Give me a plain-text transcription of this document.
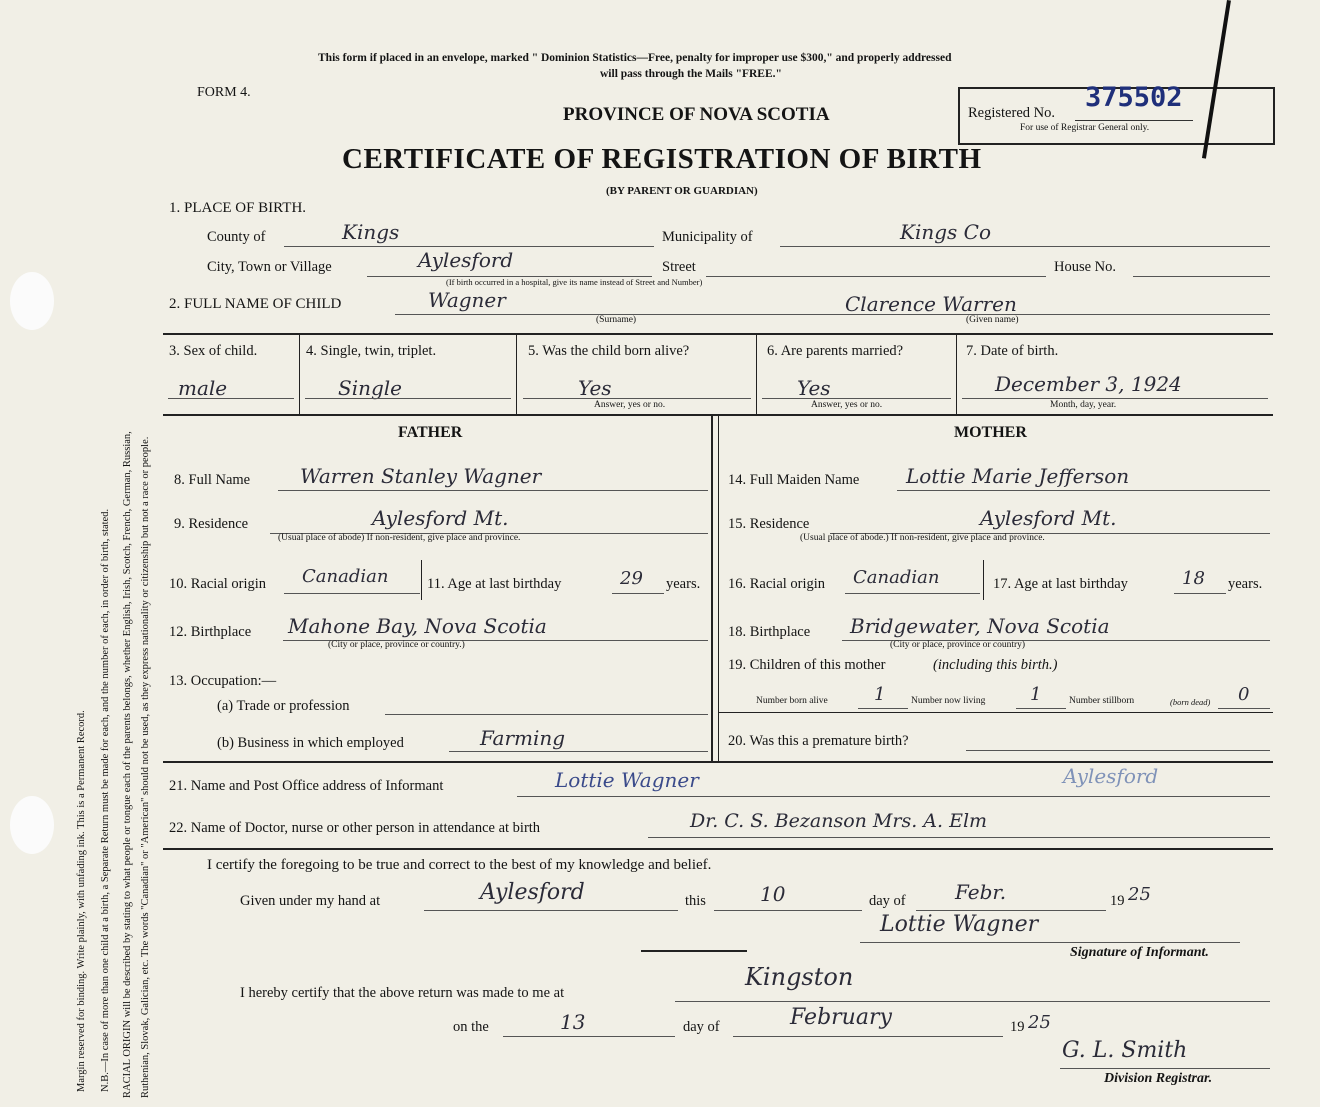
Margin reserved for binding. Write plainly, with unfading ink. This is a Permanent Record. N.B.—In case of more than one child at a birth, a Separate Return must be made for each, and the number of each, in order of birth, stated. RACIAL ORIGIN will be described by stating to what people or tongue each of the parents belongs, whether English, Irish, Scotch, French, German, Russian, Ruthenian, Slovak, Galician, etc. The words "Canadian" or "American" should not be used, as they express nationality or citizenship but not a race or people.
This form if placed in an envelope, marked " Dominion Statistics—Free, penalty for improper use $300," and properly addressed
will pass through the Mails "FREE."
FORM 4.
PROVINCE OF NOVA SCOTIA
CERTIFICATE OF REGISTRATION OF BIRTH
(BY PARENT OR GUARDIAN)
Registered No. 375502
For use of Registrar General only.
1. PLACE OF BIRTH.
County of	Kings	Municipality of	Kings Co
City, Town or Village	Aylesford	Street	House No.
(If birth occurred in a hospital, give its name instead of Street and Number)
2. FULL NAME OF CHILD	Wagner
(Surname)
Clarence Warren
(Given name)
3. Sex of child.
male
4. Single, twin, triplet.
Single
5. Was the child born alive?
Yes
Answer, yes or no.
6. Are parents married?
Yes
Answer, yes or no.
7. Date of birth.
December 3, 1924
Month, day, year.
FATHER	MOTHER
8. Full Name Warren Stanley Wagner
9. Residence	Aylesford Mt.
(Usual place of abode) If non-resident, give place and province.
10. Racial origin Canadian	11. Age at last birthday	29 years.
12. Birthplace Mahone Bay, Nova Scotia
(City or place, province or country.)
13. Occupation:—
(a) Trade or profession
(b) Business in which employed	Farming
14. Full Maiden Name Lottie Marie Jefferson
15. Residence	Aylesford Mt.
(Usual place of abode.) If non-resident, give place and province.
16. Racial origin Canadian	17. Age at last birthday	18 years.
18. Birthplace Bridgewater, Nova Scotia
(City or place, province or country)
19. Children of this mother	(including this birth.)
Number born alive	1	Number now living 1	Number stillborn	(born dead) 0
20. Was this a premature birth?
21. Name and Post Office address of Informant	Lottie Wagner	Aylesford
22. Name of Doctor, nurse or other person in attendance at birth	Dr. C. S. Bezanson Mrs. A. Elm
I certify the foregoing to be true and correct to the best of my knowledge and belief.
Given under my hand at	Aylesford	this	10	day of Febr.	19 25
Lottie Wagner
Signature of Informant.
I hereby certify that the above return was made to me at
Kingston
on the	13	day of	February	19 25
G. L. Smith
Division Registrar.
